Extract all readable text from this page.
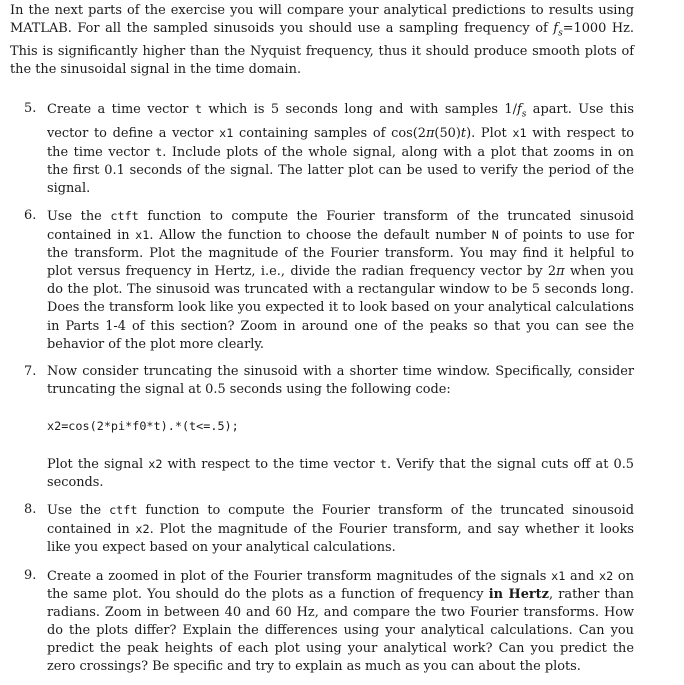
In the next parts of the exercise you will compare your analytical predictions to results using MATLAB. For all the sampled sinusoids you should use a sampling frequency of $f_s=1000$ Hz. This is significantly higher than the Nyquist frequency, thus it should produce smooth plots of the the sinusoidal signal in the time domain.

5. Create a time vector t which is 5 seconds long and with samples $1/f_s$ apart. Use this vector to define a vector x1 containing samples of cos(2π(50)t). Plot x1 with respect to the time vector t. Include plots of the whole signal, along with a plot that zooms in on the first 0.1 seconds of the signal. The latter plot can be used to verify the period of the signal.

6. Use the ctft function to compute the Fourier transform of the truncated sinusoid contained in x1. Allow the function to choose the default number N of points to use for the transform. Plot the magnitude of the Fourier transform. You may find it helpful to plot versus frequency in Hertz, i.e., divide the radian frequency vector by 2π when you do the plot. The sinusoid was truncated with a rectangular window to be 5 seconds long. Does the transform look like you expected it to look based on your analytical calculations in Parts 1-4 of this section? Zoom in around one of the peaks so that you can see the behavior of the plot more clearly.

7. Now consider truncating the sinusoid with a shorter time window. Specifically, consider truncating the signal at 0.5 seconds using the following code:

x2=cos(2*pi*f0*t).*(t<=.5);

Plot the signal x2 with respect to the time vector t. Verify that the signal cuts off at 0.5 seconds.

8. Use the ctft function to compute the Fourier transform of the truncated sinousoid contained in x2. Plot the magnitude of the Fourier transform, and say whether it looks like you expect based on your analytical calculations.

9. Create a zoomed in plot of the Fourier transform magnitudes of the signals x1 and x2 on the same plot. You should do the plots as a function of frequency in Hertz, rather than radians. Zoom in between 40 and 60 Hz, and compare the two Fourier transforms. How do the plots differ? Explain the differences using your analytical calculations. Can you predict the peak heights of each plot using your analytical work? Can you predict the zero crossings? Be specific and try to explain as much as you can about the plots.
